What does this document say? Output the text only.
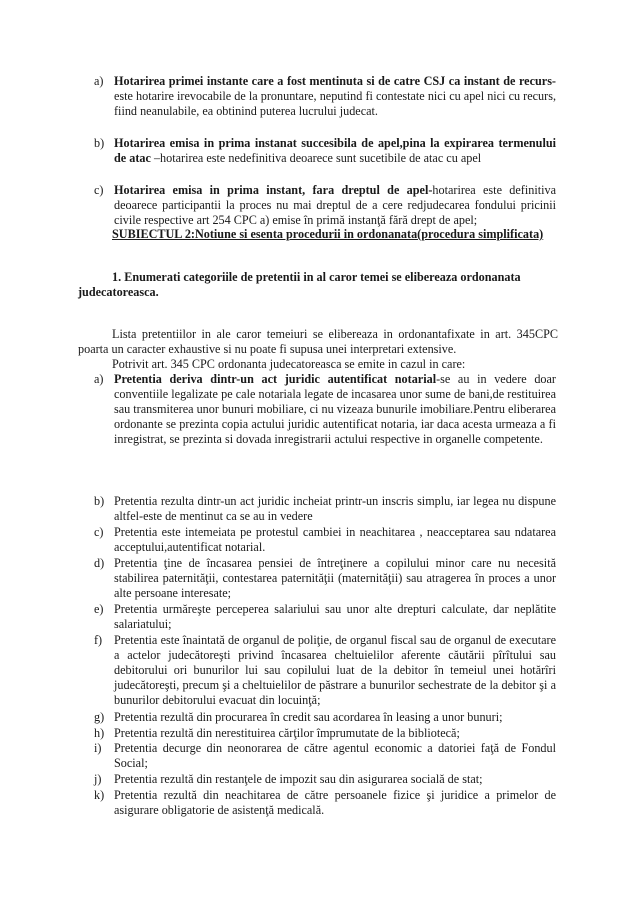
a) Hotarirea primei instante care a fost mentinuta si de catre CSJ ca instant de recurs- este hotarire irevocabile de la pronuntare, neputind fi contestate nici cu apel nici cu recurs, fiind neanulabile, ea obtinind puterea lucrului judecat.
b) Hotarirea emisa in prima instanat succesibila de apel,pina la expirarea termenului de atac –hotarirea este nedefinitiva deoarece sunt sucetibile de atac cu apel
c) Hotarirea emisa in prima instant, fara dreptul de apel-hotarirea este definitiva deoarece participantii la proces nu mai dreptul de a cere redjudecarea fondului pricinii civile respective art 254 CPC a) emise în primă instanţă fără drept de apel;
SUBIECTUL 2:Notiune si esenta procedurii in ordonanata(procedura simplificata)
1. Enumerati categoriile de pretentii in al caror temei se elibereaza ordonanata judecatoreasca.
Lista pretentiilor in ale caror temeiuri se elibereaza in ordonantafixate in art. 345CPC poarta un caracter exhaustive si nu poate fi supusa unei interpretari extensive.
Potrivit art. 345 CPC ordonanta judecatoreasca se emite in cazul in care:
a) Pretentia deriva dintr-un act juridic autentificat notarial-se au in vedere doar conventiile legalizate pe cale notariala legate de incasarea unor sume de bani,de restituirea sau transmiterea unor bunuri mobiliare, ci nu vizeaza bunurile imobiliare.Pentru eliberarea ordonante se prezinta copia actului juridic autentificat notaria, iar daca acesta urmeaza a fi inregistrat, se prezinta si dovada inregistrarii actului respective in organelle competente.
b) Pretentia rezulta dintr-un act juridic incheiat printr-un inscris simplu, iar legea nu dispune altfel-este de mentinut ca se au in vedere
c) Pretentia este intemeiata pe protestul cambiei in neachitarea , neacceptarea sau ndatarea acceptului,autentificat notarial.
d) Pretentia ţine de încasarea pensiei de întreţinere a copilului minor care nu necesită stabilirea paternităţii, contestarea paternităţii (maternităţii) sau atragerea în proces a unor alte persoane interesate;
e) Pretentia urmăreşte perceperea salariului sau unor alte drepturi calculate, dar neplătite salariatului;
f) Pretentia este înaintată de organul de poliţie, de organul fiscal sau de organul de executare a actelor judecătoreşti privind încasarea cheltuielilor aferente căutării pîrîtului sau debitorului ori bunurilor lui sau copilului luat de la debitor în temeiul unei hotărîri judecătoreşti, precum şi a cheltuielilor de păstrare a bunurilor sechestrate de la debitor şi a bunurilor debitorului evacuat din locuinţă;
g) Pretentia rezultă din procurarea în credit sau acordarea în leasing a unor bunuri;
h) Pretentia rezultă din nerestituirea cărţilor împrumutate de la bibliotecă;
i)	Pretentia decurge din neonorarea de către agentul economic a datoriei faţă de Fondul Social;
j)	Pretentia rezultă din restanţele de impozit sau din asigurarea socială de stat;
k) Pretentia rezultă din neachitarea de către persoanele fizice şi juridice a primelor de asigurare obligatorie de asistenţă medicală.
